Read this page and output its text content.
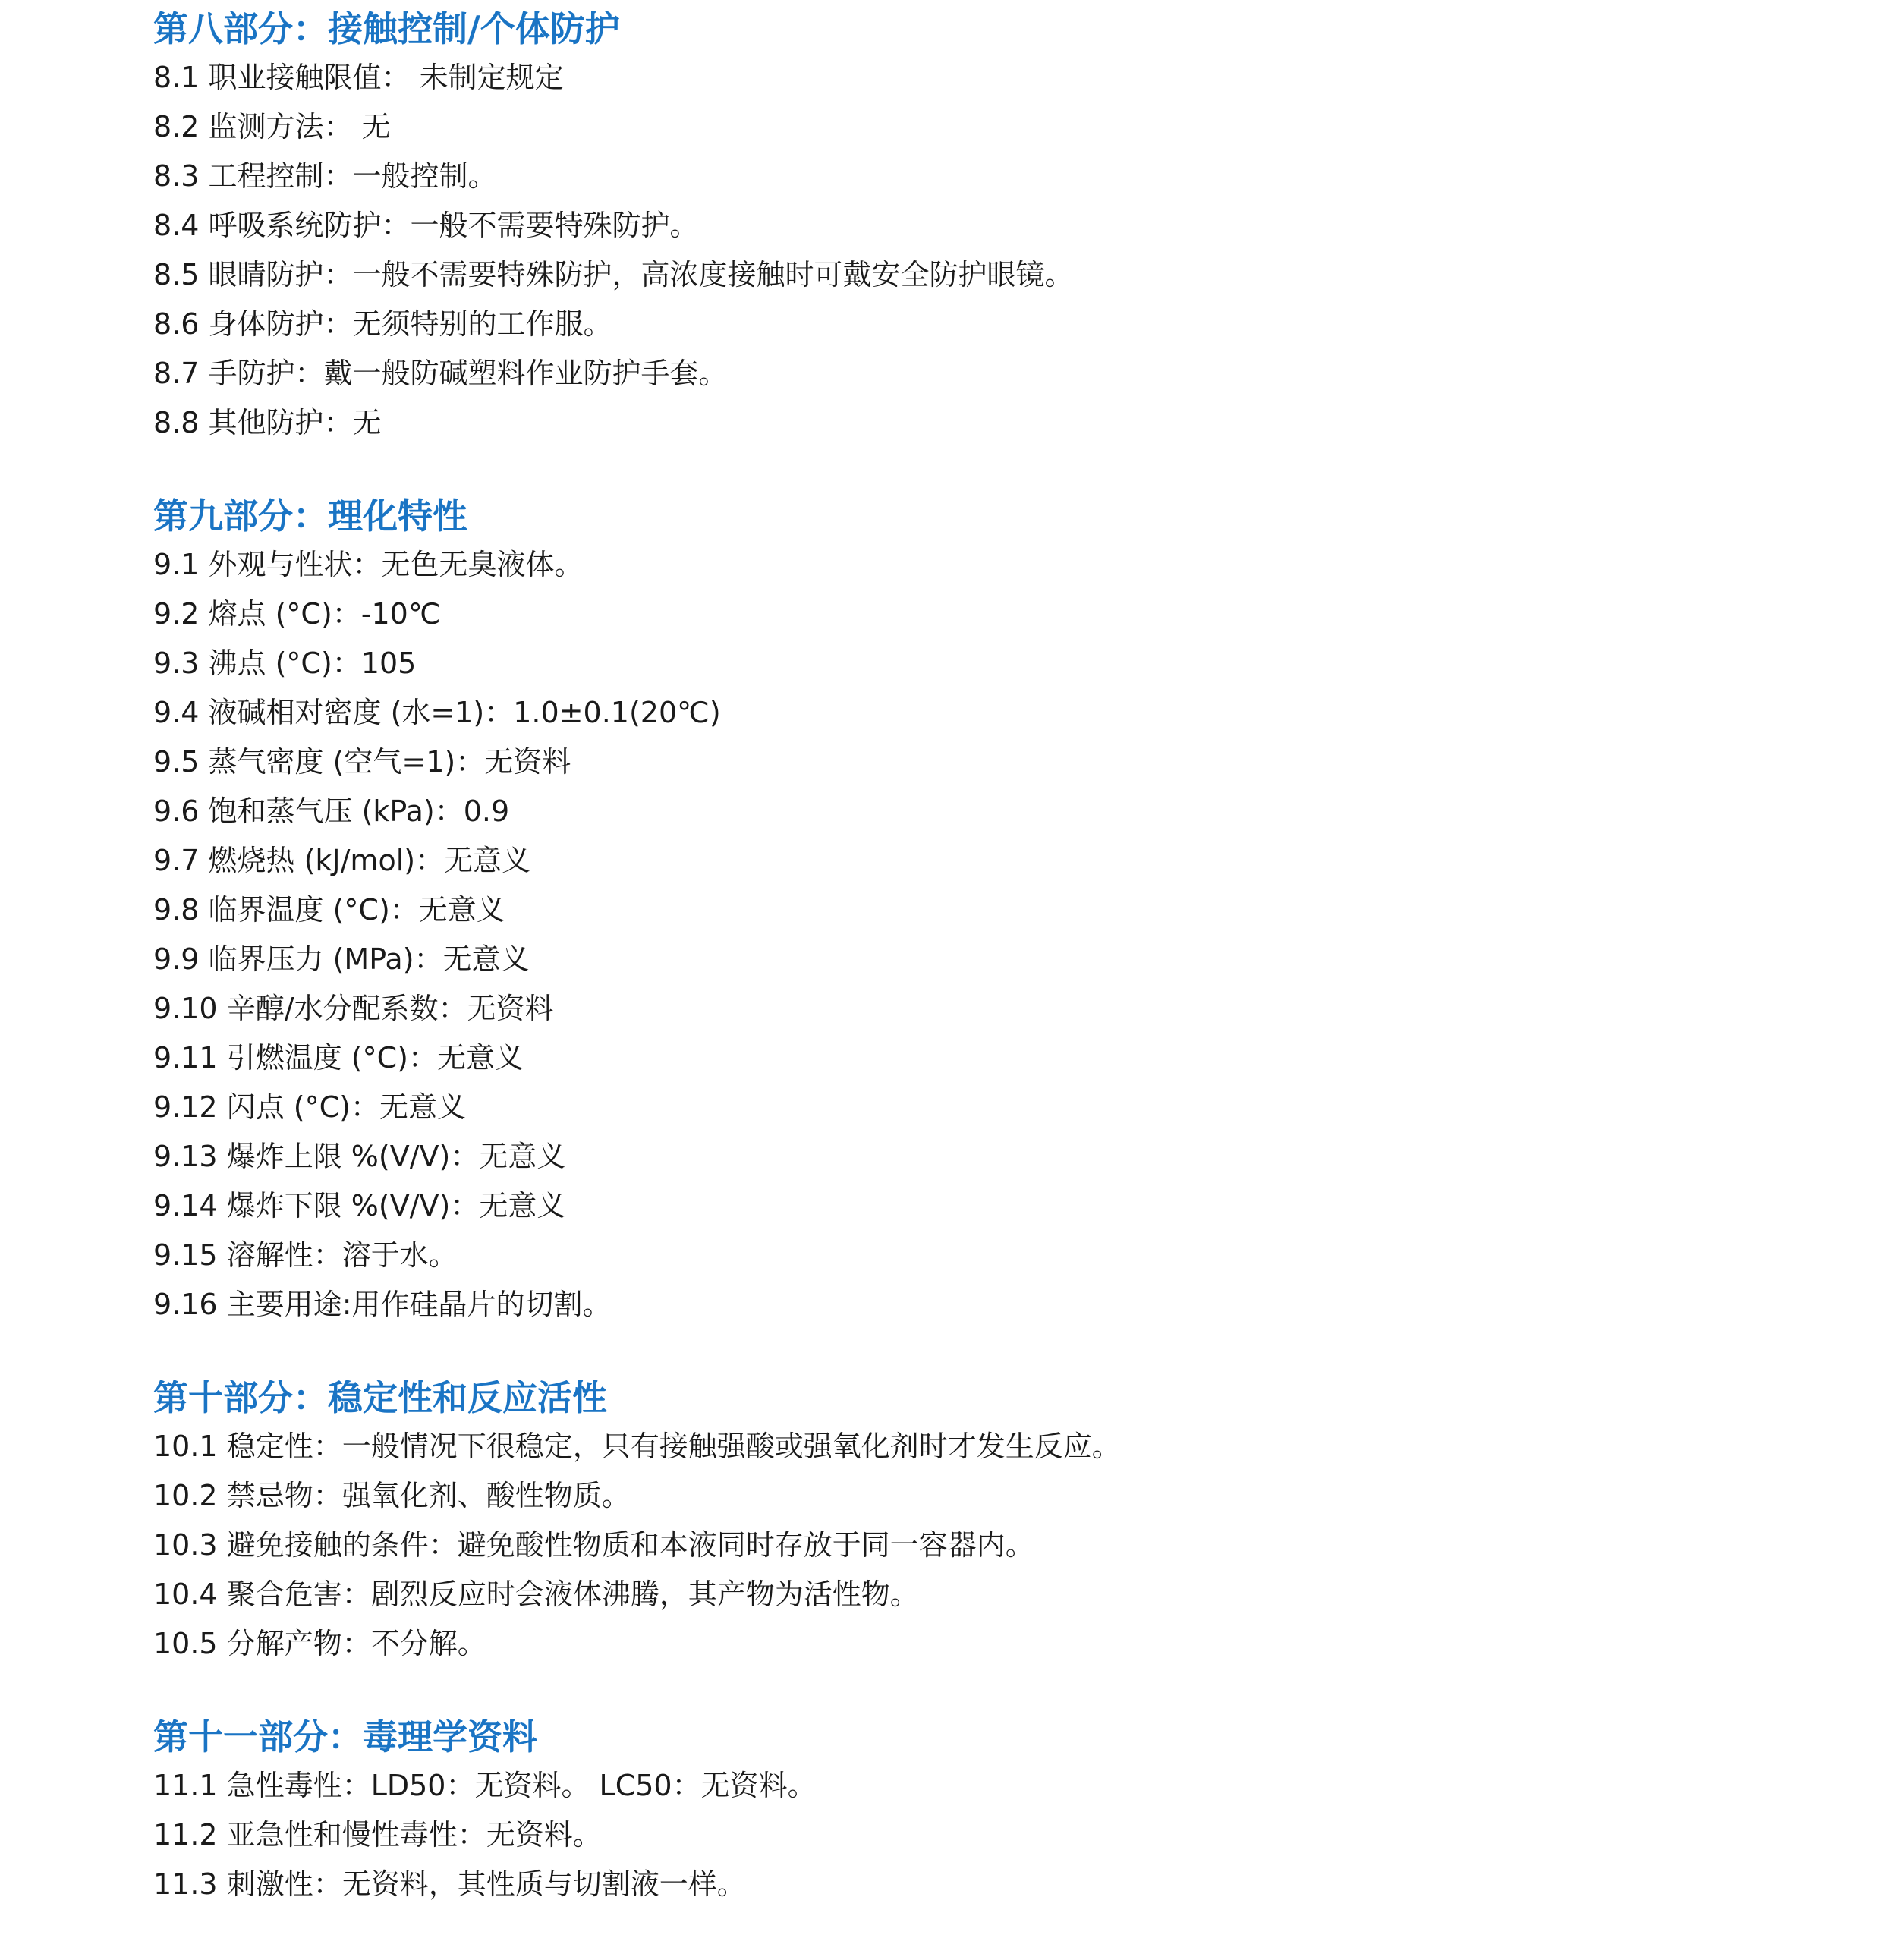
第八部分：接触控制/个体防护
8.1 职业接触限值： 未制定规定
8.2 监测方法： 无
8.3 工程控制：一般控制。
8.4 呼吸系统防护：一般不需要特殊防护。
8.5 眼睛防护：一般不需要特殊防护，高浓度接触时可戴安全防护眼镜。
8.6 身体防护：无须特别的工作服。
8.7 手防护：戴一般防碱塑料作业防护手套。
8.8 其他防护：无
第九部分：理化特性
9.1 外观与性状：无色无臭液体。
9.2 熔点 (°C)：-10℃
9.3 沸点 (°C)：105
9.4 液碱相对密度 (水=1)：1.0±0.1(20℃)
9.5 蒸气密度 (空气=1)：无资料
9.6 饱和蒸气压 (kPa)：0.9
9.7 燃烧热 (kJ/mol)：无意义
9.8 临界温度 (°C)：无意义
9.9 临界压力 (MPa)：无意义
9.10 辛醇/水分配系数：无资料
9.11 引燃温度 (°C)：无意义
9.12 闪点 (°C)：无意义
9.13 爆炸上限 %(V/V)：无意义
9.14 爆炸下限 %(V/V)：无意义
9.15 溶解性：溶于水。
9.16 主要用途:用作硅晶片的切割。
第十部分：稳定性和反应活性
10.1 稳定性：一般情况下很稳定，只有接触强酸或强氧化剂时才发生反应。
10.2 禁忌物：强氧化剂、酸性物质。
10.3 避免接触的条件：避免酸性物质和本液同时存放于同一容器内。
10.4 聚合危害：剧烈反应时会液体沸腾，其产物为活性物。
10.5 分解产物：不分解。
第十一部分：毒理学资料
11.1 急性毒性：LD50：无资料。 LC50：无资料。
11.2 亚急性和慢性毒性：无资料。
11.3 刺激性：无资料，其性质与切割液一样。
